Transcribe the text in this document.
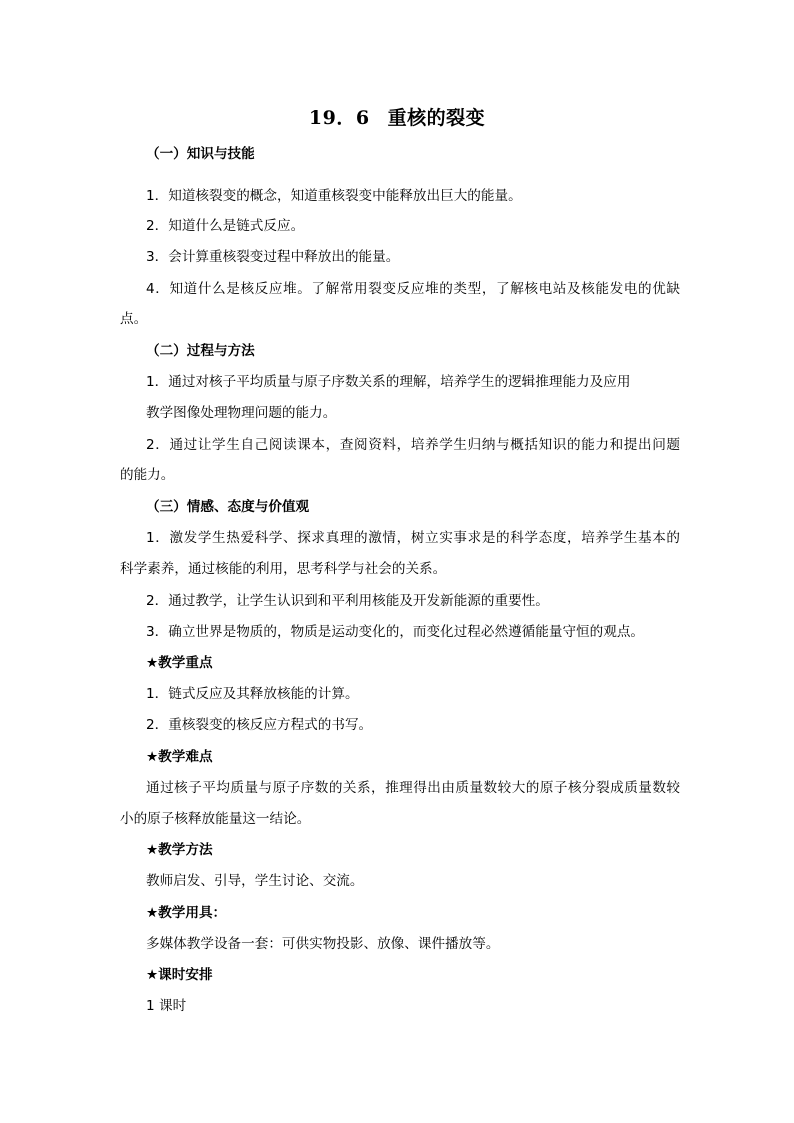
19．6 重核的裂变
（一）知识与技能
1．知道核裂变的概念，知道重核裂变中能释放出巨大的能量。
2．知道什么是链式反应。
3．会计算重核裂变过程中释放出的能量。
4．知道什么是核反应堆。了解常用裂变反应堆的类型，了解核电站及核能发电的优缺
点。
（二）过程与方法
1．通过对核子平均质量与原子序数关系的理解，培养学生的逻辑推理能力及应用
教学图像处理物理问题的能力。
2．通过让学生自己阅读课本，查阅资料，培养学生归纳与概括知识的能力和提出问题
的能力。
（三）情感、态度与价值观
1．激发学生热爱科学、探求真理的激情，树立实事求是的科学态度，培养学生基本的
科学素养，通过核能的利用，思考科学与社会的关系。
2．通过教学，让学生认识到和平利用核能及开发新能源的重要性。
3．确立世界是物质的，物质是运动变化的，而变化过程必然遵循能量守恒的观点。
★教学重点
1．链式反应及其释放核能的计算。
2．重核裂变的核反应方程式的书写。
★教学难点
通过核子平均质量与原子序数的关系，推理得出由质量数较大的原子核分裂成质量数较
小的原子核释放能量这一结论。
★教学方法
教师启发、引导，学生讨论、交流。
★教学用具：
多媒体教学设备一套：可供实物投影、放像、课件播放等。
★课时安排
1 课时
